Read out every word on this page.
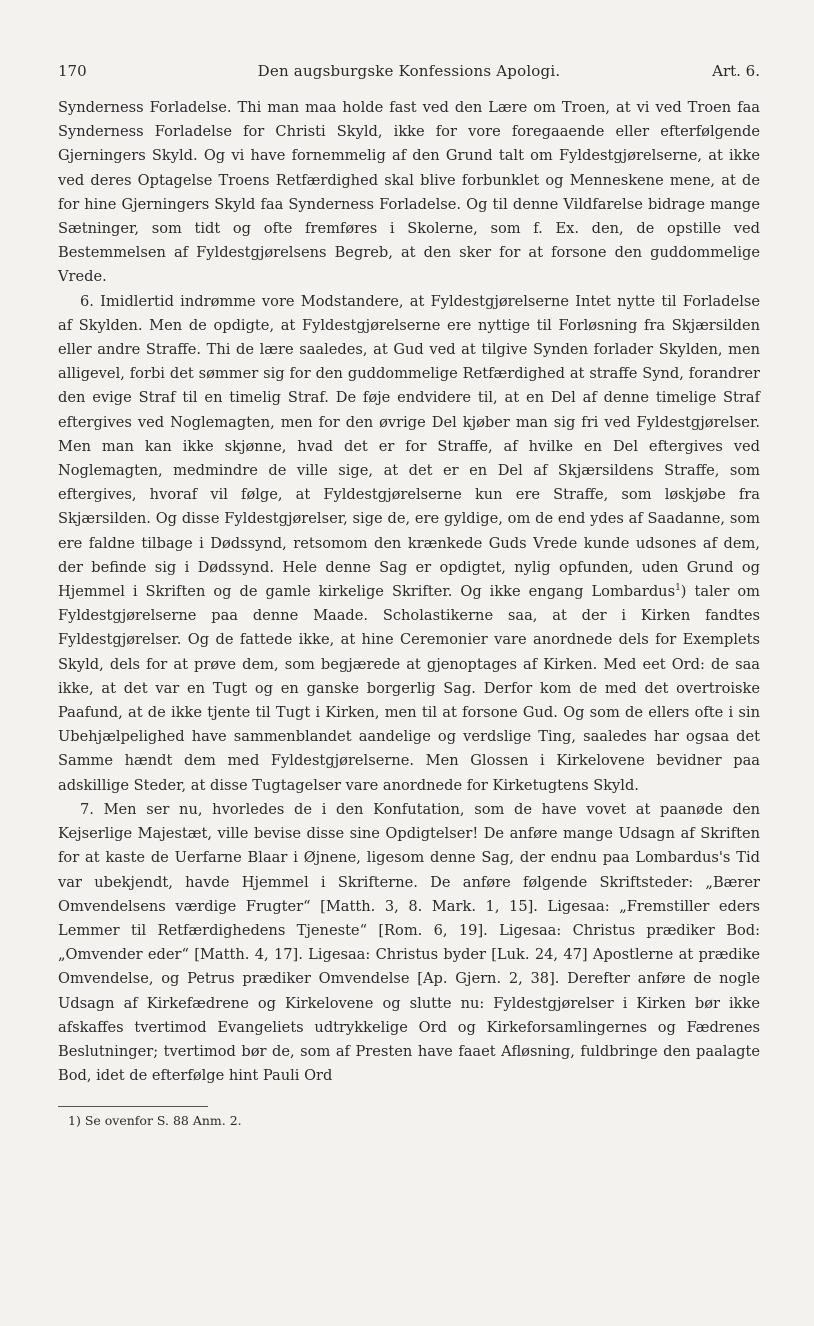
170	Den augsburgske Konfessions Apologi.	Art. 6.

Synderness Forladelse. Thi man maa holde fast ved den Lære om Troen, at vi ved Troen faa Synderness Forladelse for Christi Skyld, ikke for vore foregaaende eller efterfølgende Gjerningers Skyld. Og vi have fornemmelig af den Grund talt om Fyldestgjørelserne, at ikke ved deres Optagelse Troens Retfærdighed skal blive forbunklet og Menneskene mene, at de for hine Gjerningers Skyld faa Synderness Forladelse. Og til denne Vildfarelse bidrage mange Sætninger, som tidt og ofte fremføres i Skolerne, som f. Ex. den, de opstille ved Bestemmelsen af Fyldestgjørelsens Begreb, at den sker for at forsone den guddommelige Vrede.

6. Imidlertid indrømme vore Modstandere, at Fyldestgjørelserne Intet nytte til Forladelse af Skylden. Men de opdigte, at Fyldestgjørelserne ere nyttige til Forløsning fra Skjærsilden eller andre Straffe. Thi de lære saaledes, at Gud ved at tilgive Synden forlader Skylden, men alligevel, forbi det sømmer sig for den guddommelige Retfærdighed at straffe Synd, forandrer den evige Straf til en timelig Straf. De føje endvidere til, at en Del af denne timelige Straf eftergives ved Noglemagten, men for den øvrige Del kjøber man sig fri ved Fyldestgjørelser. Men man kan ikke skjønne, hvad det er for Straffe, af hvilke en Del eftergives ved Noglemagten, medmindre de ville sige, at det er en Del af Skjærsildens Straffe, som eftergives, hvoraf vil følge, at Fyldestgjørelserne kun ere Straffe, som løskjøbe fra Skjærsilden. Og disse Fyldestgjørelser, sige de, ere gyldige, om de end ydes af Saadanne, som ere faldne tilbage i Dødssynd, retsomom den krænkede Guds Vrede kunde udsones af dem, der befinde sig i Dødssynd. Hele denne Sag er opdigtet, nylig opfunden, uden Grund og Hjemmel i Skriften og de gamle kirkelige Skrifter. Og ikke engang Lombardus$^1$) taler om Fyldestgjørelserne paa denne Maade. Scholastikerne saa, at der i Kirken fandtes Fyldestgjørelser. Og de fattede ikke, at hine Ceremonier vare anordnede dels for Exemplets Skyld, dels for at prøve dem, som begjærede at gjenoptages af Kirken. Med eet Ord: de saa ikke, at det var en Tugt og en ganske borgerlig Sag. Derfor kom de med det overtroiske Paafund, at de ikke tjente til Tugt i Kirken, men til at forsone Gud. Og som de ellers ofte i sin Ubehjælpelighed have sammenblandet aandelige og verdslige Ting, saaledes har ogsaa det Samme hændt dem med Fyldestgjørelserne. Men Glossen i Kirkelovene bevidner paa adskillige Steder, at disse Tugtagelser vare anordnede for Kirketugtens Skyld.

7. Men ser nu, hvorledes de i den Konfutation, som de have vovet at paanøde den Kejserlige Majestæt, ville bevise disse sine Opdigtelser! De anføre mange Udsagn af Skriften for at kaste de Uerfarne Blaar i Øjnene, ligesom denne Sag, der endnu paa Lombardus's Tid var ubekjendt, havde Hjemmel i Skrifterne. De anføre følgende Skriftsteder: „Bærer Omvendelsens værdige Frugter“ [Matth. 3, 8. Mark. 1, 15]. Ligesaa: „Fremstiller eders Lemmer til Retfærdighedens Tjeneste“ [Rom. 6, 19]. Ligesaa: Christus prædiker Bod: „Omvender eder“ [Matth. 4, 17]. Ligesaa: Christus byder [Luk. 24, 47] Apostlerne at prædike Omvendelse, og Petrus prædiker Omvendelse [Ap. Gjern. 2, 38]. Derefter anføre de nogle Udsagn af Kirkefædrene og Kirkelovene og slutte nu: Fyldestgjørelser i Kirken bør ikke afskaffes tvertimod Evangeliets udtrykkelige Ord og Kirkeforsamlingernes og Fædrenes Beslutninger; tvertimod bør de, som af Presten have faaet Afløsning, fuldbringe den paalagte Bod, idet de efterfølge hint Pauli Ord

1) Se ovenfor S. 88 Anm. 2.
